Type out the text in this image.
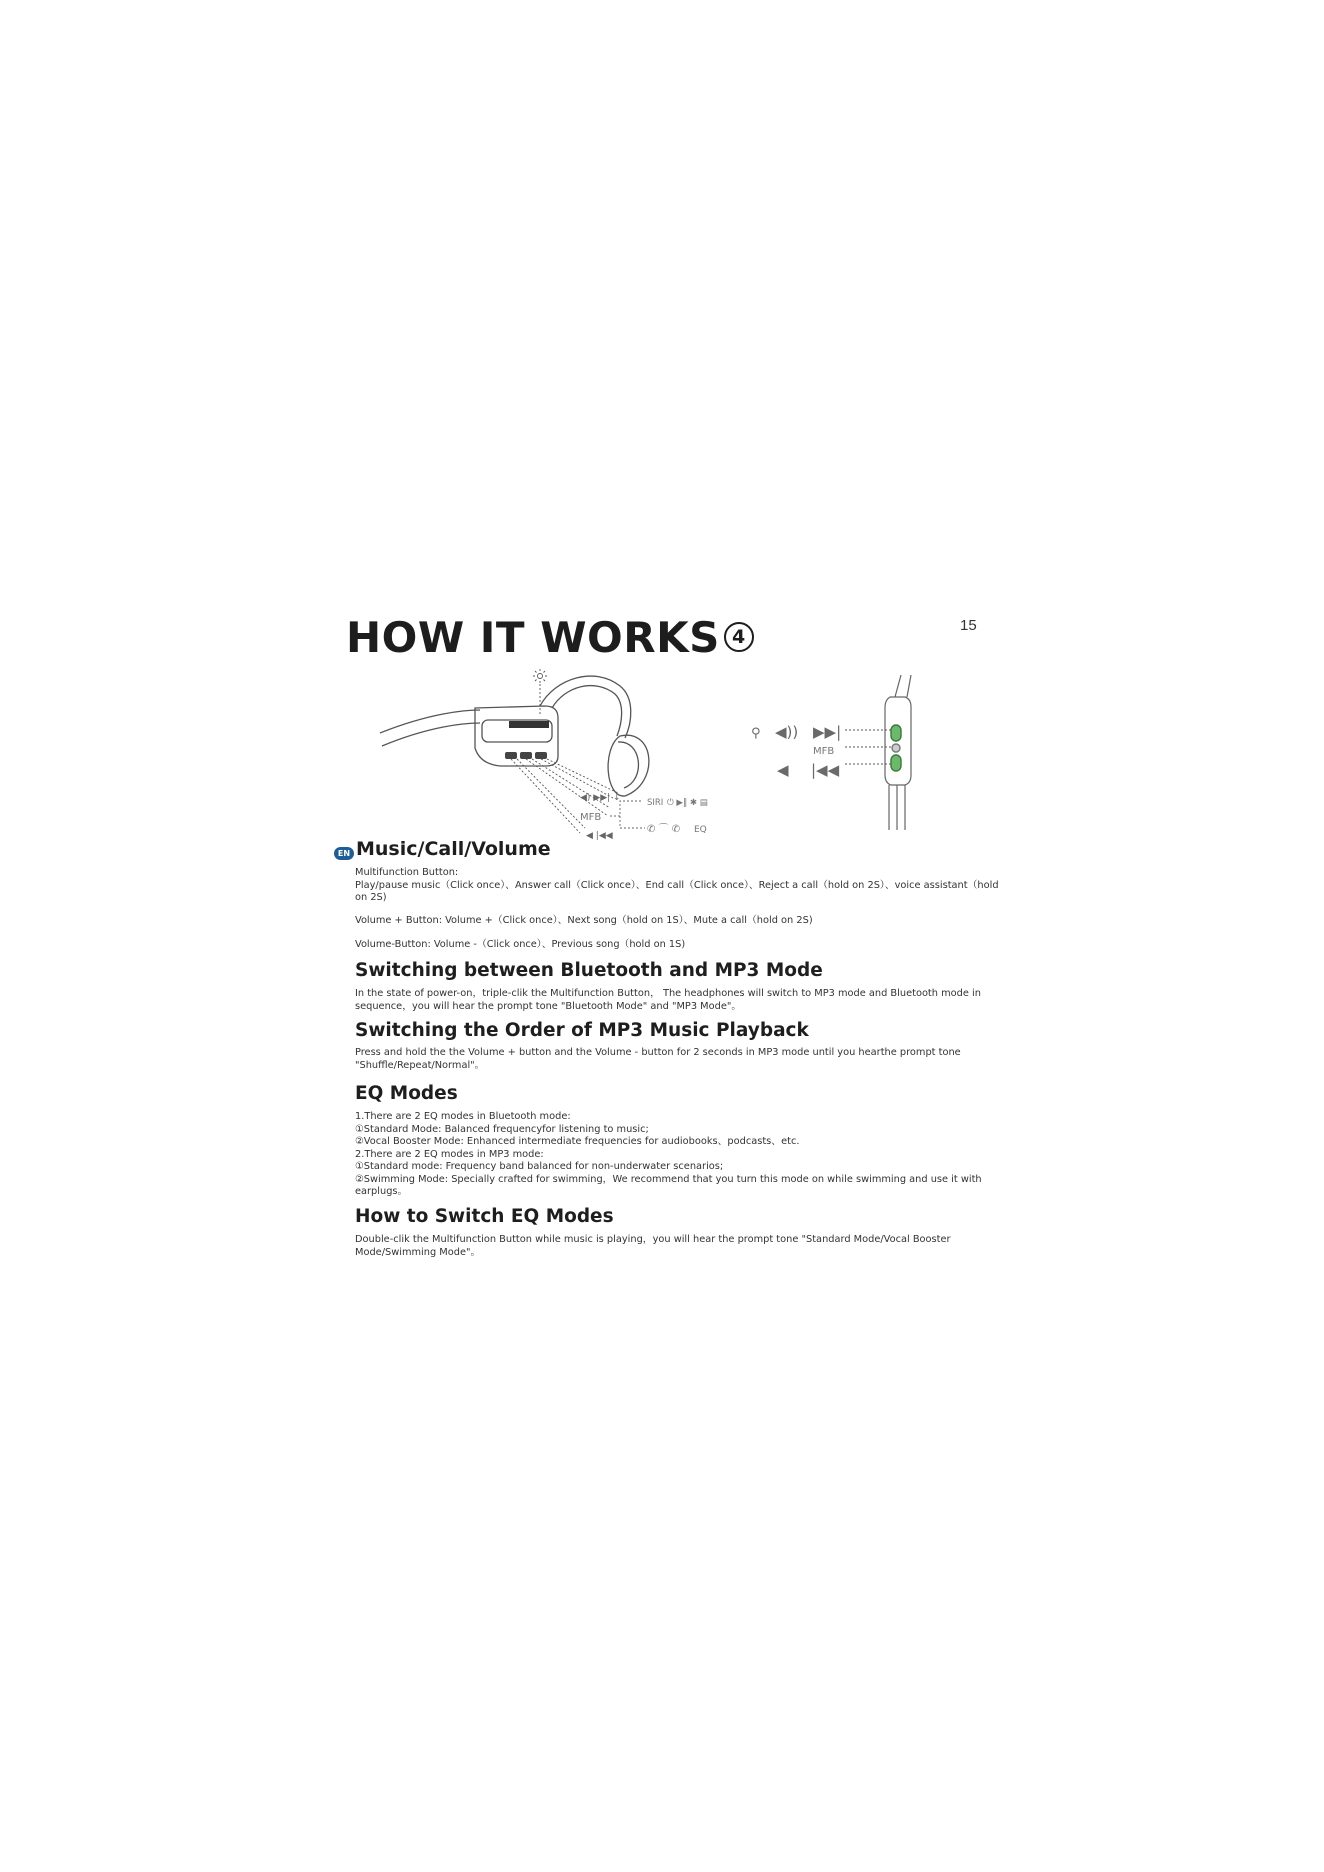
HOW IT WORKS 4	15
◀) ▶▶| ↓
◀ |◀◀
MFB
SIRI ⏻ ▶‖ ✱ ▤
✆ ⌒ ✆ EQ
⚲ ◀)) ▶▶|
◀ |◀◀
MFB
EN Music/Call/Volume
Multifunction Button:
Play/pause music（Click once）、Answer call（Click once）、End call（Click once）、Reject a call（hold on 2S）、voice assistant（hold
on 2S)
Volume + Button: Volume +（Click once）、Next song（hold on 1S）、Mute a call（hold on 2S)
Volume-Button: Volume -（Click once）、Previous song（hold on 1S)
Switching between Bluetooth and MP3 Mode
In the state of power-on，triple-clik the Multifunction Button， The headphones will switch to MP3 mode and Bluetooth mode in
sequence，you will hear the prompt tone "Bluetooth Mode" and "MP3 Mode"。
Switching the Order of MP3 Music Playback
Press and hold the the Volume + button and the Volume - button for 2 seconds in MP3 mode until you hearthe prompt tone
"Shuffle/Repeat/Normal"。
EQ Modes
1.There are 2 EQ modes in Bluetooth mode:
①Standard Mode: Balanced frequencyfor listening to music;
②Vocal Booster Mode: Enhanced intermediate frequencies for audiobooks、podcasts、etc.
2.There are 2 EQ modes in MP3 mode:
①Standard mode: Frequency band balanced for non-underwater scenarios;
②Swimming Mode: Specially crafted for swimming，We recommend that you turn this mode on while swimming and use it with
earplugs。
How to Switch EQ Modes
Double-clik the Multifunction Button while music is playing，you will hear the prompt tone "Standard Mode/Vocal Booster
Mode/Swimming Mode"。
